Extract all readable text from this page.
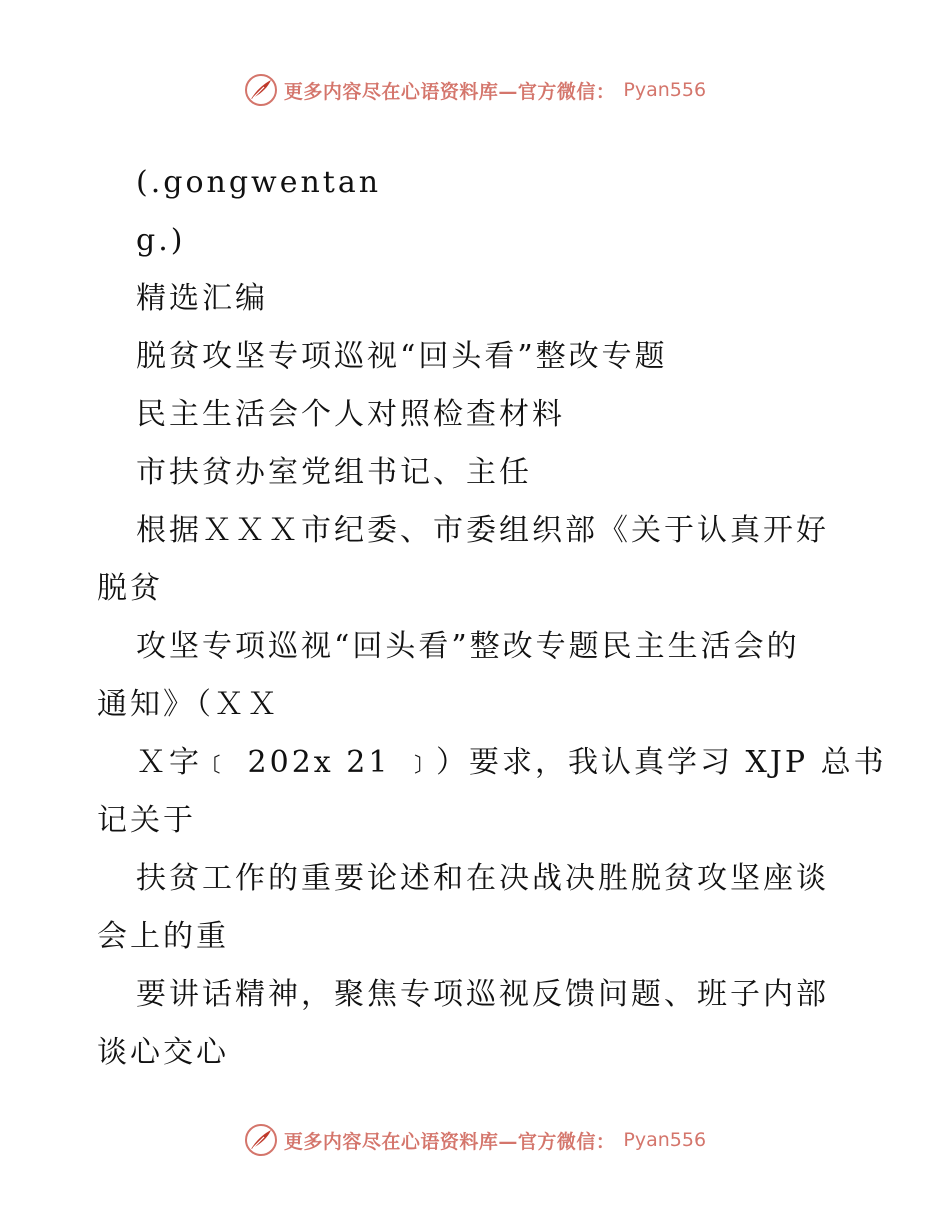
更多内容尽在心语资料库—官方微信： Pyan556
(.gongwentan
g.)
精选汇编
脱贫攻坚专项巡视“回头看”整改专题
民主生活会个人对照检查材料
市扶贫办室党组书记、主任
根据ＸＸＸ市纪委、市委组织部《关于认真开好
脱贫
攻坚专项巡视“回头看”整改专题民主生活会的
通知》（ＸＸ
Ｘ字﹝ 202x 21 ﹞）要求，我认真学习 XJP 总书
记关于
扶贫工作的重要论述和在决战决胜脱贫攻坚座谈
会上的重
要讲话精神，聚焦专项巡视反馈问题、班子内部
谈心交心
更多内容尽在心语资料库—官方微信： Pyan556
